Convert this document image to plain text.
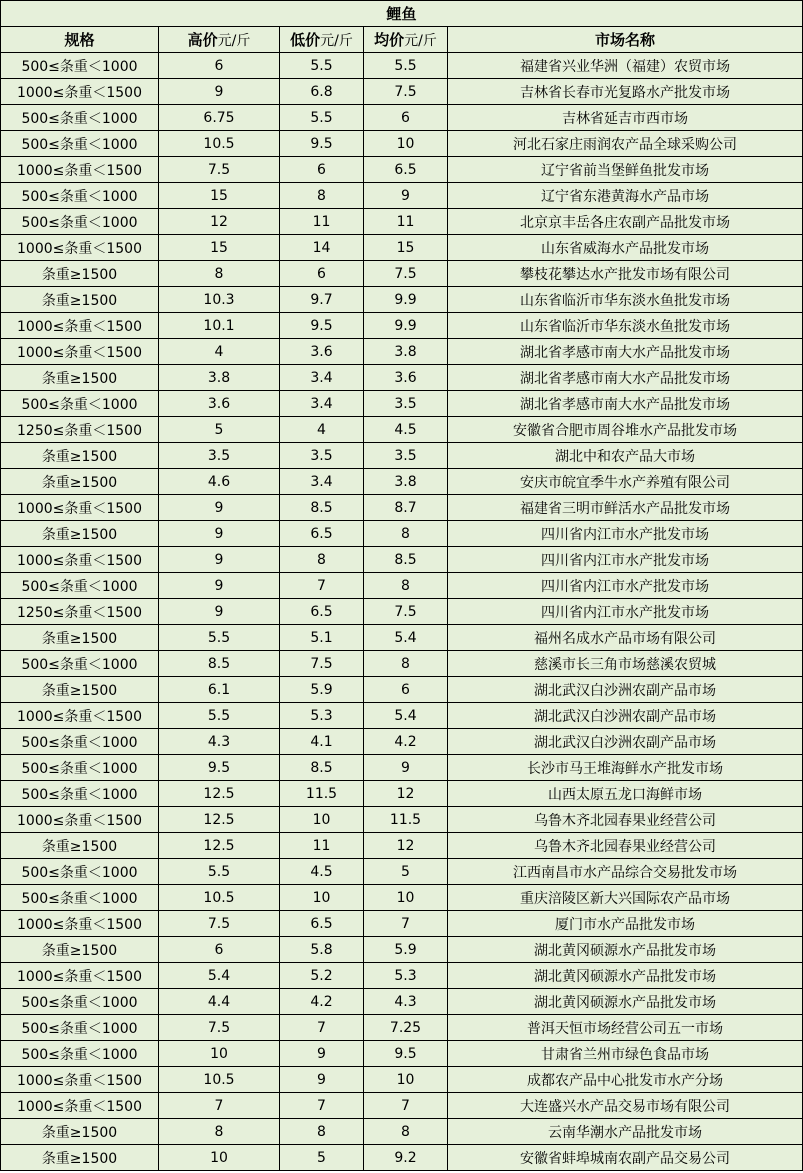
鲤鱼				
规格	高价元/斤	低价元/斤	均价元/斤	市场名称
500≤条重＜1000	6	5.5	5.5	福建省兴业华洲（福建）农贸市场
1000≤条重＜1500	9	6.8	7.5	吉林省长春市光复路水产批发市场
500≤条重＜1000	6.75	5.5	6	吉林省延吉市西市场
500≤条重＜1000	10.5	9.5	10	河北石家庄雨润农产品全球采购公司
1000≤条重＜1500	7.5	6	6.5	辽宁省前当堡鲜鱼批发市场
500≤条重＜1000	15	8	9	辽宁省东港黄海水产品市场
500≤条重＜1000	12	11	11	北京京丰岳各庄农副产品批发市场
1000≤条重＜1500	15	14	15	山东省威海水产品批发市场
条重≥1500	8	6	7.5	攀枝花攀达水产批发市场有限公司
条重≥1500	10.3	9.7	9.9	山东省临沂市华东淡水鱼批发市场
1000≤条重＜1500	10.1	9.5	9.9	山东省临沂市华东淡水鱼批发市场
1000≤条重＜1500	4	3.6	3.8	湖北省孝感市南大水产品批发市场
条重≥1500	3.8	3.4	3.6	湖北省孝感市南大水产品批发市场
500≤条重＜1000	3.6	3.4	3.5	湖北省孝感市南大水产品批发市场
1250≤条重＜1500	5	4	4.5	安徽省合肥市周谷堆水产品批发市场
条重≥1500	3.5	3.5	3.5	湖北中和农产品大市场
条重≥1500	4.6	3.4	3.8	安庆市皖宜季牛水产养殖有限公司
1000≤条重＜1500	9	8.5	8.7	福建省三明市鲜活水产品批发市场
条重≥1500	9	6.5	8	四川省内江市水产批发市场
1000≤条重＜1500	9	8	8.5	四川省内江市水产批发市场
500≤条重＜1000	9	7	8	四川省内江市水产批发市场
1250≤条重＜1500	9	6.5	7.5	四川省内江市水产批发市场
条重≥1500	5.5	5.1	5.4	福州名成水产品市场有限公司
500≤条重＜1000	8.5	7.5	8	慈溪市长三角市场慈溪农贸城
条重≥1500	6.1	5.9	6	湖北武汉白沙洲农副产品市场
1000≤条重＜1500	5.5	5.3	5.4	湖北武汉白沙洲农副产品市场
500≤条重＜1000	4.3	4.1	4.2	湖北武汉白沙洲农副产品市场
500≤条重＜1000	9.5	8.5	9	长沙市马王堆海鲜水产批发市场
500≤条重＜1000	12.5	11.5	12	山西太原五龙口海鲜市场
1000≤条重＜1500	12.5	10	11.5	乌鲁木齐北园春果业经营公司
条重≥1500	12.5	11	12	乌鲁木齐北园春果业经营公司
500≤条重＜1000	5.5	4.5	5	江西南昌市水产品综合交易批发市场
500≤条重＜1000	10.5	10	10	重庆涪陵区新大兴国际农产品市场
1000≤条重＜1500	7.5	6.5	7	厦门市水产品批发市场
条重≥1500	6	5.8	5.9	湖北黄冈硕源水产品批发市场
1000≤条重＜1500	5.4	5.2	5.3	湖北黄冈硕源水产品批发市场
500≤条重＜1000	4.4	4.2	4.3	湖北黄冈硕源水产品批发市场
500≤条重＜1000	7.5	7	7.25	普洱天恒市场经营公司五一市场
500≤条重＜1000	10	9	9.5	甘肃省兰州市绿色食品市场
1000≤条重＜1500	10.5	9	10	成都农产品中心批发市水产分场
1000≤条重＜1500	7	7	7	大连盛兴水产品交易市场有限公司
条重≥1500	8	8	8	云南华潮水产品批发市场
条重≥1500	10	5	9.2	安徽省蚌埠城南农副产品交易公司
